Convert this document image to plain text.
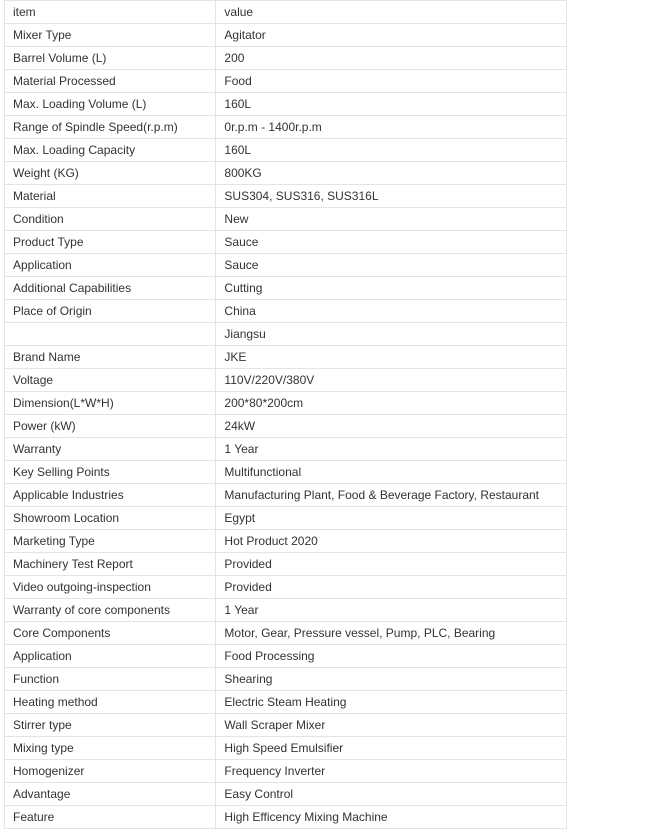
item	value
Mixer Type	Agitator
Barrel Volume (L)	200
Material Processed	Food
Max. Loading Volume (L)	160L
Range of Spindle Speed(r.p.m)	0r.p.m - 1400r.p.m
Max. Loading Capacity	160L
Weight (KG)	800KG
Material	SUS304, SUS316, SUS316L
Condition	New
Product Type	Sauce
Application	Sauce
Additional Capabilities	Cutting
Place of Origin	China
	Jiangsu
Brand Name	JKE
Voltage	110V/220V/380V
Dimension(L*W*H)	200*80*200cm
Power (kW)	24kW
Warranty	1 Year
Key Selling Points	Multifunctional
Applicable Industries	Manufacturing Plant, Food & Beverage Factory, Restaurant
Showroom Location	Egypt
Marketing Type	Hot Product 2020
Machinery Test Report	Provided
Video outgoing-inspection	Provided
Warranty of core components	1 Year
Core Components	Motor, Gear, Pressure vessel, Pump, PLC, Bearing
Application	Food Processing
Function	Shearing
Heating method	Electric Steam Heating
Stirrer type	Wall Scraper Mixer
Mixing type	High Speed Emulsifier
Homogenizer	Frequency Inverter
Advantage	Easy Control
Feature	High Efficency Mixing Machine
